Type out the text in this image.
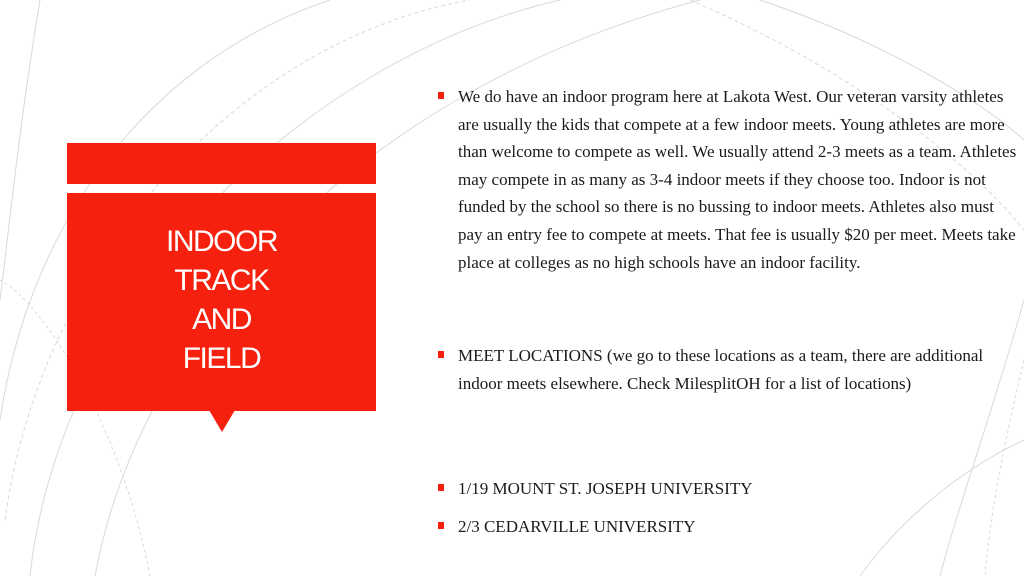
INDOOR
TRACK
AND
FIELD
We do have an indoor program here at Lakota West. Our veteran varsity athletes are usually the kids that compete at a few indoor meets. Young athletes are more than welcome to compete as well. We usually attend 2-3 meets as a team. Athletes may compete in as many as 3-4 indoor meets if they choose too. Indoor is not funded by the school so there is no bussing to indoor meets. Athletes also must pay an entry fee to compete at meets. That fee is usually $20 per meet. Meets take place at colleges as no high schools have an indoor facility.
MEET LOCATIONS (we go to these locations as a team, there are additional indoor meets elsewhere. Check MilesplitOH for a list of locations)
1/19 MOUNT ST. JOSEPH UNIVERSITY
2/3 CEDARVILLE UNIVERSITY
